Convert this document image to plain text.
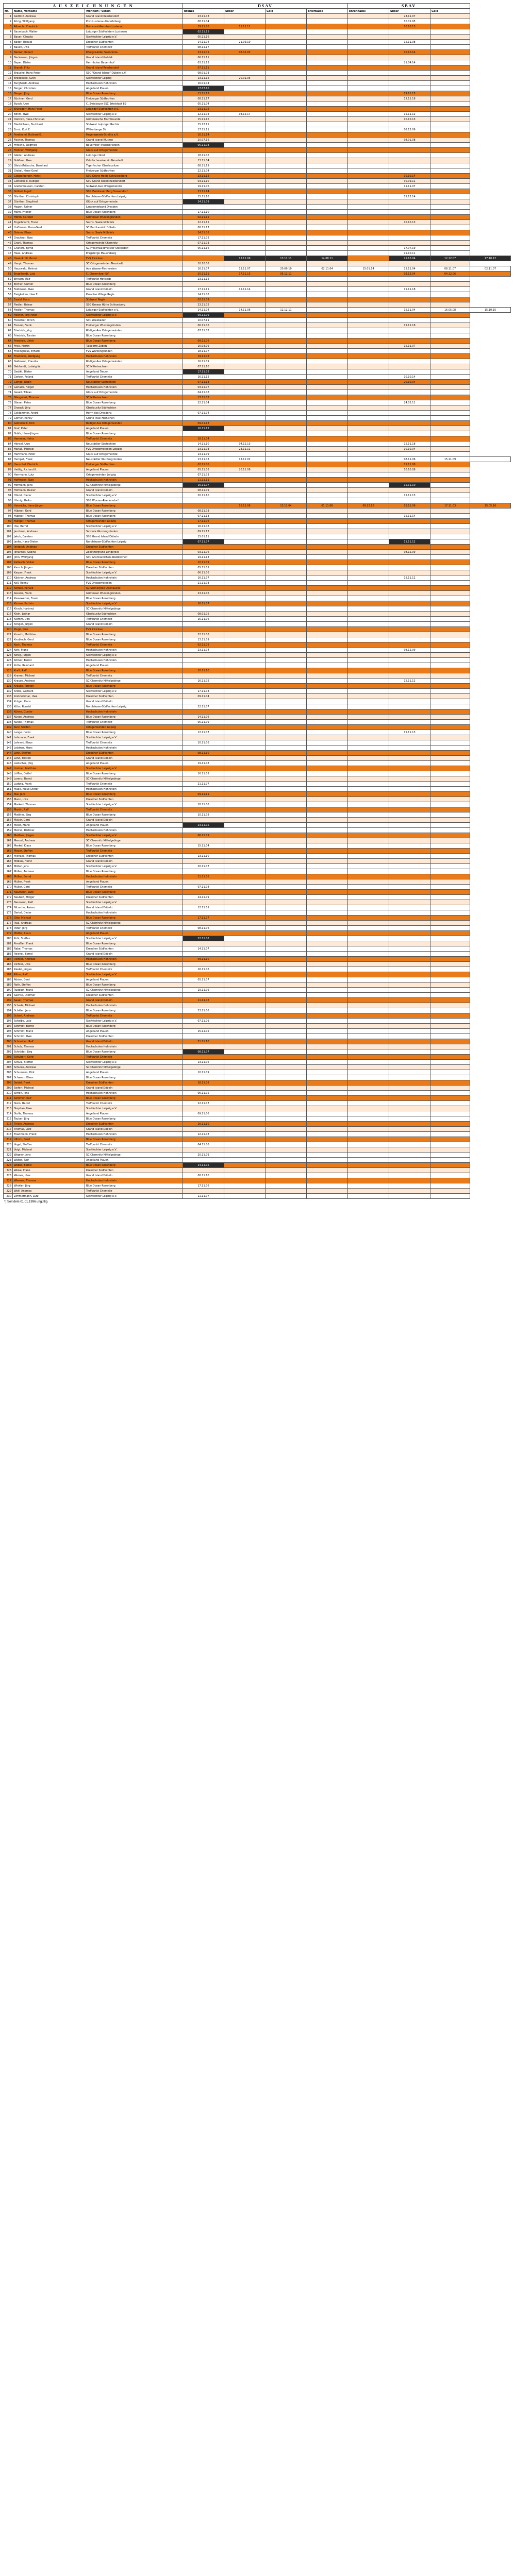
A U S Z E I C H N U N G E N			DSAV				SBAV			
Nr.	Name, Vorname	Wohnort / Verein	Bronze	Silber	Gold	Brieftaube	Ehrennadel	Silber	Gold	
1	Aedtotz, Andreas	Grand Island Reedersdorf	23.11.03					23.11.07		
2	Ahrig, Wolfgang	Post-Lustenau-Unterbiberg	08.11.04					10.01.95		
3	Albrecht, Friedrich	Bratwurst-Kenntnis Lustenau	19.11.86	11.11.11				10.10.13		
4	Baumbach, Walter	Leipziger Südfechtern Lustenau	02.11.15							
5	Bauer, Claudia	Startfechter Leipzig e.V.	05.11.16							
6	Bäder, Ronald	Dresdner Südfechten	14.11.04	21.09.10				15.11.08		
7	Bauch, Uwe	Treffpunkt Chemnitz	08.11.17							
8	Becker, Robert	Königswalder Seebrücke	23.11.01	08.01.03				10.10.14		
9	Beckmann, Jürgen	Grand Island Gebürk	06.11.11							
10	Beyer, Dieter	Herrnhuter Bauernhof	03.11.13					21.04.14		
11	Brandt, Fritz	Grand Island Reedersdorf	07.11.11							
12	Brauche, Hans-Peter	SSC "Grand Island" Dübeln e.V.	08.01.03							
13	Bredebeck, Sven	Startfechter Leipzig	13.11.12	20.01.05						
14	Burghardt, Andreas	Hochschulen Hohnstein	16.01.04							
15	Berger, Christian	Angelland Plauen	17.07.10							
16	Berger, Jörg	Blue Ocean Rosenberg	13.11.13					19.11.15		
17	Büchner, Gerd	Freiberger Südfechten	08.11.17					15.11.18		
18	Busch, Uwe	C. Zwickauer SSC Ertelstadt 89	05.11.04							
19	Brunsdorf, Hans-Peter	Leipziger Südfechten e.V.	23.11.02							
20	Böhm, Uwe	Startfechter Leipzig e.V.	22.11.04	03.12.17				15.11.12		
21	Dietrich, Hans-Christian	Grimmaische Fischfreunde	15.11.16					10.10.13		
22	Diedrichsen, Burkhard	Südwest Leipziger Rechte	15.12.11							
23	Ernst, Kurt F.	Wittenberge SV	17.11.11					08.12.09		
24	Ferdinand, Ruthard K.	Hoyerswerda-Strelitz e.V.	16.11.14							
25	Fischer, Thomas	Grand Island Wurzen	20.07.16					08.01.08		
26	Fritsche, Siegfried	Bauernhof Treuenbrietzen	05.11.03							
27	Frohner, Wolfgang	Glück auf Ortsgemeinde								
28	Gäbler, Andreas	Leipziger Nord	18.11.06							
29	Gräßner, Uwe	Ortsfischereiverein Neustadt	13.11.04							
30	Gleich/Fritzsche, Bernhard	Tigerfischer Oberlausitzer	08.11.19							
31	Giebel, Hans-Gerd	Freiberger Südfechten	22.11.04							
32	Göpperberger, Horst	SSG Grüne Heide Schlüsselberg	23.11.12					10.10.14		
33	Gottschalk, Rüdiger	SSG Grand Island Reedersdorf	03.11.10					30.09.11		
34	Greifenhausen, Carsten	Südwest-Aue Ortsgemeinde	19.11.06					15.11.07		
35	Grübel, Ingolf	SSG Zwickauer Berg Sossendorf	23.11.14							
36	Günther, Christoph	Nordhäuser-Südfechten Leipzig	15.11.16					15.12.14		
37	Günther, Siegfried	Glück auf Ortsgemeinde	24.11.09							
38	Hagen, Rainer	Landesverband Dresden								
39	Hahn, Frieder	Blue Ocean Rosenberg	17.11.10							
40	Höhm, Carsten	Grimmaer Wurzengründen	02.11.11							
41	Engelbrecht, Franz	Sachs. Saale-Mühlfels	22.11.15					10.10.13		
42	Hoffmann, Hans-Gerd	SC Bad Lausick Dübeln	08.11.17							
43	Grimm, Klaus	Sachs. Saale Mühlfels	24.11.08							
44	Grautner, Uwe	Treffpunkt Chemnitz	17.11.02							
45	Grahl, Thomas	Ortsgemeinde Chemnitz	07.11.03							
46	Grünert, Bernd	SC Fröschwaldmeister Steinsdorf	05.11.16					17.07.19		
47	Haas, Andreas	Erzgebirge Mauersberg						15.10.11		
48	Hasenkrüß, Bernd	FVS Zwickau		13.11.06	13.11.11	14.08.11		25.10.04	12.12.07	17.10.12
49	Haupt, Thomas	SC Ortsgemeinden Neustadt	10.10.08							
50	Hauswald, Helmut	Aue Wasser-Fischereien	16.11.07	13.11.07	20.09.10	02.11.04	15.01.14	15.11.04	08.11.07	02.11.07
51	Engelhardt, Lutz	C. Chemnitzer SV	20.11.11	17.11.13	05.12.11			02.12.04	04.12.06	
52	Ehrsam, Ralf	Treffpunkt Hofstadt	23.11.12							
53	Eichler, Günter	Blue Ocean Rosenberg								
54	Feldmann, Uwe	Grand Island Döbeln	17.11.11	15.11.14				15.11.18		
55	Ewigkeiten, Uwe F.	Paradise Village Regis	14.11.08							
56	Ewald, Hans	Südwest Regis	02.11.09							
57	Fiedler, Rainer	SSG Grosse Hütte Schlossberg	23.11.02							
58	Fiedler, Thomas	Leipziger Südfechten e.V.	14.11.04	14.11.06	12.12.11			15.11.04	16.05.08	15.10.15
59	Fischer, Jörg-Peter	Startfechter Leipzig e.V.	09.11.09							
60	Fleischer, Ulrich	SSC Wiesbaden	10.07.11							
61	Frenzel, Frank	Freiberger Wurzengründen	06.11.06					15.11.18		
62	Friedrich, Jörg	Rüdiger-Ass Ortsgemeinden	07.11.02							
63	Friedrich, Torsten	Blue Ocean Rosenberg								
64	Friedrich, Ulrich	Blue Ocean Rosenberg	09.11.06							
65	Frisk, Martin	Talsperre Zöblitz	16.03.09					15.11.07		
66	Frielinghaus, Erhard	FVS Wurzengründen	18.11.07							
67	Friedrichs, Wolfgang	Hochschulen Hohnstein	19.11.03							
68	Gaßmann, Claudia	Rüdiger-Ass Ortsgemeinden	16.11.09							
69	Gebhardt, Ludwig W.	SC Mittelsachsen	07.11.10							
70	Gedikt, Dieter	Angelland Treuen	17.11.02							
71	Gerber, Roland	Treffpunkt Chemnitz	16.11.12					10.10.14		
72	Gerigk, Ralph	Neustädter Südfechten	07.11.13					20.10.04		
73	Gerlach, Holger	Hochschulen Hohnstein	03.11.07							
74	Gesell, Tobias	Glück auf Ortsgemeinde	04.11.08							
75	Glasgolski, Thomas	SC Mittelsachsen	17.11.02							
76	Glauer, Petra	Blue Ocean Rosenberg	22.11.04					24.02.11		
77	Gnauck, Jörg	Oberlausitz Südfechten								
78	Goldammer, André	Herrn des Dresdens	07.11.04							
79	Görner, Ronny	Grüne Insel Hainichen								
80	Gottschalk, Dirk	Rüdiger-Ass Ortsgemeinden	09.01.13							
81	Graf, Peter	Angelland Plauen	16.11.12							
82	Gräfe, Hans-Jürgen	Blue Ocean Rosenberg								
83	Hammer, Heinz	Treffpunkt Chemnitz	18.11.04							
84	Hänsel, Uwe	Neustädter Südfechten	14.11.10	04.12.13				15.11.18		
85	Harlaß, Michael	FVS Ortsgemeinden Leipzig	23.11.03	23.11.11				10.10.04		
86	Hartmann, Peter	Glück auf Ortsgemeinde	13.11.09							
87	Hempel, Frank	Neustädter Wurzengründen	13.11.03	13.11.02				08.11.06	15.11.09	
88	Henschel, Dietrich	Freiberger Südfechten	02.11.06					15.11.08		
89	Heißig, Richard K.	Angelland Plauen	05.11.08	20.11.09				10.10.08		
90	Herrmann, Lutz	Ortsgemeinden Leipzig	07.11.03							
91	Hoffmann, Uwe	Hochschulen Hohnstein	11.11.11							
92	Hofmann, Jens	SC Chemnitz Mittelgebirge	16.11.07					15.11.10		
93	Hofmann, Rainer	Grand Island Döbeln	08.11.09							
94	Hölzel, Dieter	Startfechter Leipzig e.V.	20.11.10					15.11.13		
95	Hörnig, Heiko	SSG Wurzen-Reedersdorf								
96	Heinrichs, Hans-Jürgen	Blue Ocean Rosenberg		16.11.06	13.11.04	01.11.06	09.12.16	16.11.06	17.11.03	15.05.16
97	Hübner, Gerd	Blue Ocean Rosenberg	08.11.03							
98	Hübner, Thomas	Blue Ocean Rosenberg	07.11.13					15.11.14		
99	Hunger, Thomas	Ortsgemeinden Leipzig	17.11.06							
100	Ihle, Bernd	Startfechter Leipzig e.V.	16.11.08							
101	Jacobsen, Andreas	Saxonia Wurzengründen	09.11.12							
102	Jakob, Carsten	SSG Grand Island Döbeln	15.01.11							
103	Janke, Hans-Dieter	Nordhäuser-Südfechten Leipzig	07.11.07					15.11.12		
104	Jentzsch, Andreas	Dresdner Südfechten								
105	Johannes, Sabine	Zöblitzergrund Lengefeld	03.11.06					08.12.09		
106	John, Wolfgang	SSC Grünhainichen-Waldkirchen	19.11.13							
107	Kaltasch, Volker	Blue Ocean Rosenberg	10.11.09							
108	Karsch, Jürgen	Dresdner Südfechten	05.11.05							
109	Kasper, Frank	Startfechter Leipzig e.V.	06.11.06							
110	Kästner, Andreas	Hochschulen Hohnstein	16.11.07					15.11.12		
111	Keil, Ronny	FVS Ortsgemeinden	21.11.03							
112	Kempe, Ronald	SC Schnorpfeil Oberlausitz								
113	Kessler, Frank	Grimmaer Wurzengründen	23.11.06							
114	Kiesewetter, Frank	Blue Ocean Rosenberg								
115	Kirmse, Kathrin	Startfechter Leipzig e.V.	16.11.07							
116	Kirsch, Hartmut	SC Chemnitz Mittelgebirge								
117	Klein, Lothar	Oberlausitz Südfechten	08.01.05							
118	Klemm, Dirk	Treffpunkt Chemnitz	15.11.06							
119	Klinger, Jürgen	Grand Island Döbeln								
120	Kluge, Jens	FVS Zwickau								
121	Knauth, Matthias	Blue Ocean Rosenberg	22.11.08							
122	Knobloch, Gerd	Blue Ocean Rosenberg	13.11.09							
123	Koch, Thomas	Treffpunkt Chemnitz	02.11.02							
124	Kohl, Frank	Hochschulen Hohnstein	23.11.04					08.12.09		
125	König, Jürgen	Startfechter Leipzig e.V.								
126	Körner, Bernd	Hochschulen Hohnstein								
127	Kotte, Reinhard	Angelland Plauen								
128	Kraft, Ralf	Blue Ocean Rosenberg	10.11.10							
129	Kramer, Michael	Treffpunkt Chemnitz								
130	Krause, Andreas	SC Chemnitz Mittelgebirge	16.11.02					15.11.12		
131	Krause, Torsten	Blue Ocean Rosenberg								
132	Krebs, Gerhard	Startfechter Leipzig e.V.	17.11.03							
133	Kretzschmar, Uwe	Dresdner Südfechten	09.11.04							
134	Krüger, Hans	Grand Island Döbeln								
135	Kühn, Ronald	Nordhäuser-Südfechten Leipzig	22.11.07							
136	Kühne, Gunter	Hochschulen Hohnstein								
137	Kunze, Andreas	Blue Ocean Rosenberg	14.11.06							
138	Kunze, Thomas	Treffpunkt Chemnitz	05.11.09							
139	Kurz, Steffen	Ortsgemeinden Leipzig								
140	Lange, Heiko	Blue Ocean Rosenberg	12.11.07					15.11.13		
141	Lehmann, Frank	Startfechter Leipzig e.V.								
142	Lehnert, Klaus	Treffpunkt Chemnitz	10.11.06							
143	Leistner, Hans	Hochschulen Hohnstein								
144	Lenk, Steffen	Dresdner Südfechten	08.11.10							
145	Lenz, Torsten	Grand Island Döbeln								
146	Liebscher, Jörg	Angelland Plauen	19.11.08							
147	Lindner, Matthias	Startfechter Leipzig e.V.								
148	Löffler, Detlef	Blue Ocean Rosenberg	16.11.05							
149	Lorenz, Bernd	SC Chemnitz Mittelgebirge								
150	Ludwig, Frank	Treffpunkt Chemnitz	21.11.07							
151	Maaß, Klaus-Dieter	Hochschulen Hohnstein								
152	Mai, Jens	Blue Ocean Rosenberg	09.11.11							
153	Mann, Uwe	Dresdner Südfechten								
154	Markert, Thomas	Startfechter Leipzig e.V.	18.11.06							
155	Martin, Ralf	Treffpunkt Chemnitz								
156	Matthes, Jörg	Blue Ocean Rosenberg	10.11.08							
157	Mayer, Gerd	Grand Island Döbeln								
158	Meier, Frank	Angelland Plauen	23.11.05							
159	Meinel, Dietmar	Hochschulen Hohnstein								
160	Meißner, Jürgen	Startfechter Leipzig e.V.	06.11.09							
161	Menzel, Andreas	SC Chemnitz Mittelgebirge								
162	Merkel, Klaus	Blue Ocean Rosenberg	15.11.04							
163	Meyer, Steffen	Treffpunkt Chemnitz								
164	Michael, Thomas	Dresdner Südfechten	13.11.10							
165	Möbius, Heinz	Grand Island Döbeln								
166	Möller, Jens	Startfechter Leipzig e.V.	20.11.07							
167	Müller, Andreas	Blue Ocean Rosenberg								
168	Müller, Bernd	Hochschulen Hohnstein	11.11.06							
169	Müller, Frank	Angelland Plauen								
170	Müller, Gerd	Treffpunkt Chemnitz	07.11.08							
171	Naumann, Lutz	Blue Ocean Rosenberg								
172	Neubert, Holger	Dresdner Südfechten	24.11.09							
173	Neumann, Ralf	Startfechter Leipzig e.V.								
174	Nitzsche, Rainer	Grand Island Döbeln	12.11.05							
175	Oertel, Dieter	Hochschulen Hohnstein								
176	Otto, Michael	Blue Ocean Rosenberg	17.11.07							
177	Paul, Andreas	SC Chemnitz Mittelgebirge								
178	Peter, Jörg	Treffpunkt Chemnitz	08.11.06							
179	Pfeifer, Klaus	Angelland Plauen								
180	Pohl, Steffen	Startfechter Leipzig e.V.	22.11.08							
181	Preußler, Frank	Blue Ocean Rosenberg								
182	Rabe, Thomas	Dresdner Südfechten	14.11.07							
183	Reichel, Bernd	Grand Island Döbeln								
184	Richter, Andreas	Hochschulen Hohnstein	09.11.10							
185	Richter, Uwe	Blue Ocean Rosenberg								
186	Riedel, Jürgen	Treffpunkt Chemnitz	16.11.06							
187	Ritter, Ralf	Startfechter Leipzig e.V.								
188	Rösler, Gerd	Angelland Plauen	05.11.07							
189	Roth, Steffen	Blue Ocean Rosenberg								
190	Rudolph, Frank	SC Chemnitz Mittelgebirge	19.11.09							
191	Sachse, Dietmar	Dresdner Südfechten								
192	Sauer, Thomas	Grand Island Döbeln	11.11.08							
193	Schade, Michael	Hochschulen Hohnstein								
194	Schäfer, Jens	Blue Ocean Rosenberg	23.11.06							
195	Scharf, Andreas	Treffpunkt Chemnitz								
196	Scheibe, Lutz	Startfechter Leipzig e.V.	07.11.09							
197	Schmidt, Bernd	Blue Ocean Rosenberg								
198	Schmidt, Frank	Angelland Plauen	15.11.05							
199	Schmidt, Uwe	Dresdner Südfechten								
200	Schneider, Ralf	Grand Island Döbeln	21.11.10							
201	Scholz, Thomas	Hochschulen Hohnstein								
202	Schröder, Jörg	Blue Ocean Rosenberg	08.11.07							
203	Schubert, Gerd	Treffpunkt Chemnitz								
204	Schulz, Steffen	Startfechter Leipzig e.V.	13.11.06							
205	Schulze, Andreas	SC Chemnitz Mittelgebirge								
206	Schumann, Dirk	Angelland Plauen	10.11.09							
207	Schwarz, Klaus	Blue Ocean Rosenberg								
208	Seidel, Frank	Dresdner Südfechten	18.11.08							
209	Seifert, Michael	Grand Island Döbeln								
210	Simon, Jens	Hochschulen Hohnstein	06.11.05							
211	Sommer, Ralf	Blue Ocean Rosenberg								
212	Stein, Bernd	Treffpunkt Chemnitz	22.11.07							
213	Stephan, Uwe	Startfechter Leipzig e.V.								
214	Stolle, Thomas	Angelland Plauen	09.11.06							
215	Tauber, Jörg	Blue Ocean Rosenberg								
216	Thiele, Andreas	Dresdner Südfechten	16.11.10							
217	Thomas, Lutz	Grand Island Döbeln								
218	Trautmann, Frank	Hochschulen Hohnstein	12.11.08							
219	Ullrich, Gerd	Blue Ocean Rosenberg								
220	Vogel, Steffen	Treffpunkt Chemnitz	04.11.06							
221	Voigt, Michael	Startfechter Leipzig e.V.								
222	Wagner, Jens	SC Chemnitz Mittelgebirge	20.11.09							
223	Walter, Ralf	Angelland Plauen								
224	Weber, Bernd	Blue Ocean Rosenberg	14.11.05							
225	Weise, Frank	Dresdner Südfechten								
226	Werner, Uwe	Grand Island Döbeln	08.11.10							
227	Wiesner, Thomas	Hochschulen Hohnstein								
228	Winkler, Jörg	Blue Ocean Rosenberg	17.11.06							
229	Wolf, Andreas	Treffpunkt Chemnitz								
230	Zimmermann, Lutz	Startfechter Leipzig e.V.	11.11.07							
*) Seit dem 01.01.1996 ungültig
